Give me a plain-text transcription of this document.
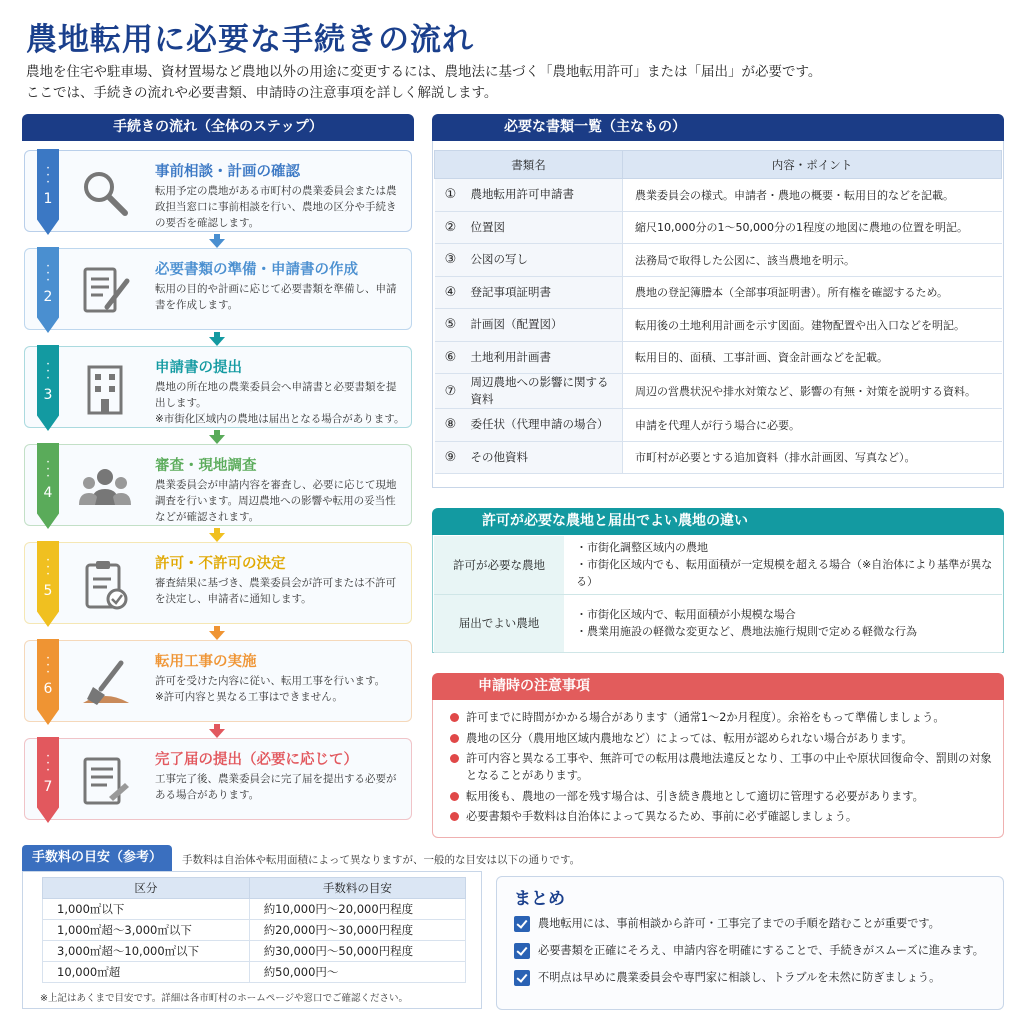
農地転用に必要な手続きの流れ
農地を住宅や駐車場、資材置場など農地以外の用途に変更するには、農地法に基づく「農地転用許可」または「届出」が必要です。
ここでは、手続きの流れや必要書類、申請時の注意事項を詳しく解説します。
手続きの流れ（全体のステップ）
•
•
•
1
事前相談・計画の確認
転用予定の農地がある市町村の農業委員会または農政担当窓口に事前相談を行い、農地の区分や手続きの要否を確認します。
•
•
•
2
必要書類の準備・申請書の作成
転用の目的や計画に応じて必要書類を準備し、申請書を作成します。
•
•
•
3
申請書の提出
農地の所在地の農業委員会へ申請書と必要書類を提出します。
※市街化区域内の農地は届出となる場合があります。
•
•
•
4
審査・現地調査
農業委員会が申請内容を審査し、必要に応じて現地調査を行います。周辺農地への影響や転用の妥当性などが確認されます。
•
•
•
5
許可・不許可の決定
審査結果に基づき、農業委員会が許可または不許可を決定し、申請者に通知します。
•
•
•
6
転用工事の実施
許可を受けた内容に従い、転用工事を行います。
※許可内容と異なる工事はできません。
•
•
•
7
完了届の提出（必要に応じて）
工事完了後、農業委員会に完了届を提出する必要がある場合があります。
必要な書類一覧（主なもの）
書類名		内容・ポイント
①	農地転用許可申請書	農業委員会の様式。申請者・農地の概要・転用目的などを記載。
②	位置図	縮尺10,000分の1～50,000分の1程度の地図に農地の位置を明記。
③	公図の写し	法務局で取得した公図に、該当農地を明示。
④	登記事項証明書	農地の登記簿謄本（全部事項証明書）。所有権を確認するため。
⑤	計画図（配置図）	転用後の土地利用計画を示す図面。建物配置や出入口などを明記。
⑥	土地利用計画書	転用目的、面積、工事計画、資金計画などを記載。
⑦	周辺農地への影響に関する資料	周辺の営農状況や排水対策など、影響の有無・対策を説明する資料。
⑧	委任状（代理申請の場合）	申請を代理人が行う場合に必要。
⑨	その他資料	市町村が必要とする追加資料（排水計画図、写真など）。
許可が必要な農地と届出でよい農地の違い
許可が必要な農地	・市街化調整区域内の農地
・市街化区域内でも、転用面積が一定規模を超える場合（※自治体により基準が異なる）

届出でよい農地	・市街化区域内で、転用面積が小規模な場合
・農業用施設の軽微な変更など、農地法施行規則で定める軽微な行為
申請時の注意事項
許可までに時間がかかる場合があります（通常1～2か月程度）。余裕をもって準備しましょう。
農地の区分（農用地区域内農地など）によっては、転用が認められない場合があります。
許可内容と異なる工事や、無許可での転用は農地法違反となり、工事の中止や原状回復命令、罰則の対象となることがあります。
転用後も、農地の一部を残す場合は、引き続き農地として適切に管理する必要があります。
必要書類や手数料は自治体によって異なるため、事前に必ず確認しましょう。
手数料の目安（参考）	手数料は自治体や転用面積によって異なりますが、一般的な目安は以下の通りです。
区分	手数料の目安
1,000㎡以下	約10,000円～20,000円程度
1,000㎡超～3,000㎡以下	約20,000円～30,000円程度
3,000㎡超～10,000㎡以下	約30,000円～50,000円程度
10,000㎡超	約50,000円～
※上記はあくまで目安です。詳細は各市町村のホームページや窓口でご確認ください。
まとめ
農地転用には、事前相談から許可・工事完了までの手順を踏むことが重要です。
必要書類を正確にそろえ、申請内容を明確にすることで、手続きがスムーズに進みます。
不明点は早めに農業委員会や専門家に相談し、トラブルを未然に防ぎましょう。
